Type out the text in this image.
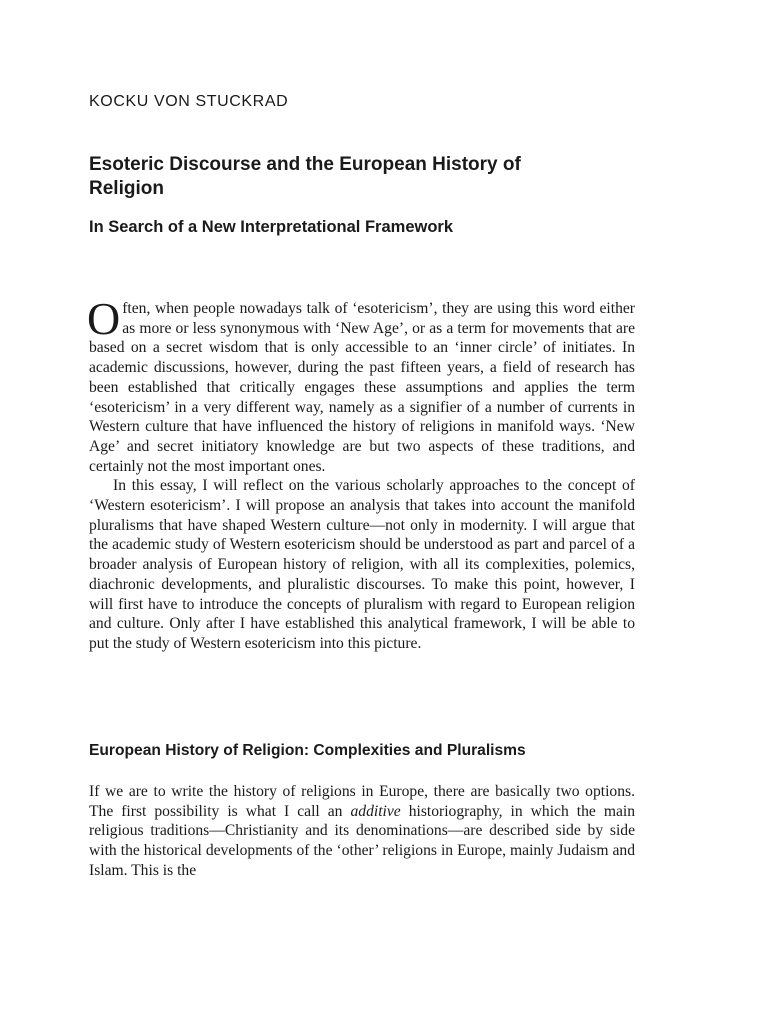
KOCKU VON STUCKRAD
Esoteric Discourse and the European History of Religion
In Search of a New Interpretational Framework

Often, when people nowadays talk of ‘esotericism’, they are using this word either as more or less synonymous with ‘New Age’, or as a term for movements that are based on a secret wisdom that is only accessible to an ‘inner circle’ of initiates. In academic discussions, however, during the past fifteen years, a field of research has been established that critically engages these assumptions and applies the term ‘esotericism’ in a very different way, namely as a signifier of a number of currents in Western culture that have influenced the history of religions in manifold ways. ‘New Age’ and secret initiatory knowledge are but two aspects of these traditions, and certainly not the most important ones.

In this essay, I will reflect on the various scholarly approaches to the concept of ‘Western esotericism’. I will propose an analysis that takes into account the manifold pluralisms that have shaped Western culture—not only in modernity. I will argue that the academic study of Western esotericism should be understood as part and parcel of a broader analysis of European history of religion, with all its complexities, polemics, diachronic developments, and pluralistic discourses. To make this point, however, I will first have to introduce the concepts of pluralism with regard to European religion and culture. Only after I have established this analytical framework, I will be able to put the study of Western esotericism into this picture.

European History of Religion: Complexities and Pluralisms

If we are to write the history of religions in Europe, there are basically two options. The first possibility is what I call an additive historiography, in which the main religious traditions—Christianity and its denominations—are described side by side with the historical developments of the ‘other’ religions in Europe, mainly Judaism and Islam. This is the
